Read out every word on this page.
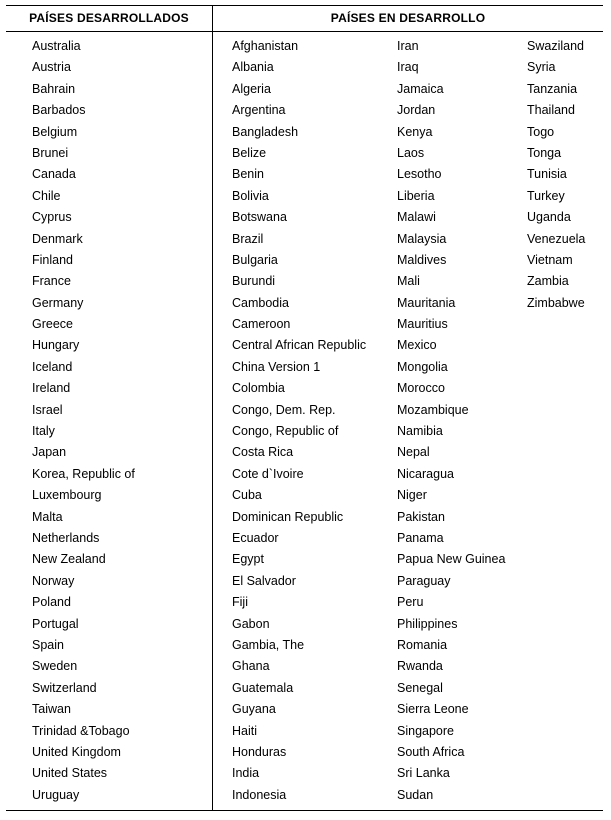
PAÍSES DESARROLLADOS	PAÍSES EN DESARROLLO
Australia
Austria
Bahrain
Barbados
Belgium
Brunei
Canada
Chile
Cyprus
Denmark
Finland
France
Germany
Greece
Hungary
Iceland
Ireland
Israel
Italy
Japan
Korea, Republic of
Luxembourg
Malta
Netherlands
New Zealand
Norway
Poland
Portugal
Spain
Sweden
Switzerland
Taiwan
Trinidad &Tobago
United Kingdom
United States
Uruguay
Afghanistan
Albania
Algeria
Argentina
Bangladesh
Belize
Benin
Bolivia
Botswana
Brazil
Bulgaria
Burundi
Cambodia
Cameroon
Central African Republic
China Version 1
Colombia
Congo, Dem. Rep.
Congo, Republic of
Costa Rica
Cote d`Ivoire
Cuba
Dominican Republic
Ecuador
Egypt
El Salvador
Fiji
Gabon
Gambia, The
Ghana
Guatemala
Guyana
Haiti
Honduras
India
Indonesia
Iran
Iraq
Jamaica
Jordan
Kenya
Laos
Lesotho
Liberia
Malawi
Malaysia
Maldives
Mali
Mauritania
Mauritius
Mexico
Mongolia
Morocco
Mozambique
Namibia
Nepal
Nicaragua
Niger
Pakistan
Panama
Papua New Guinea
Paraguay
Peru
Philippines
Romania
Rwanda
Senegal
Sierra Leone
Singapore
South Africa
Sri Lanka
Sudan
Swaziland
Syria
Tanzania
Thailand
Togo
Tonga
Tunisia
Turkey
Uganda
Venezuela
Vietnam
Zambia
Zimbabwe
